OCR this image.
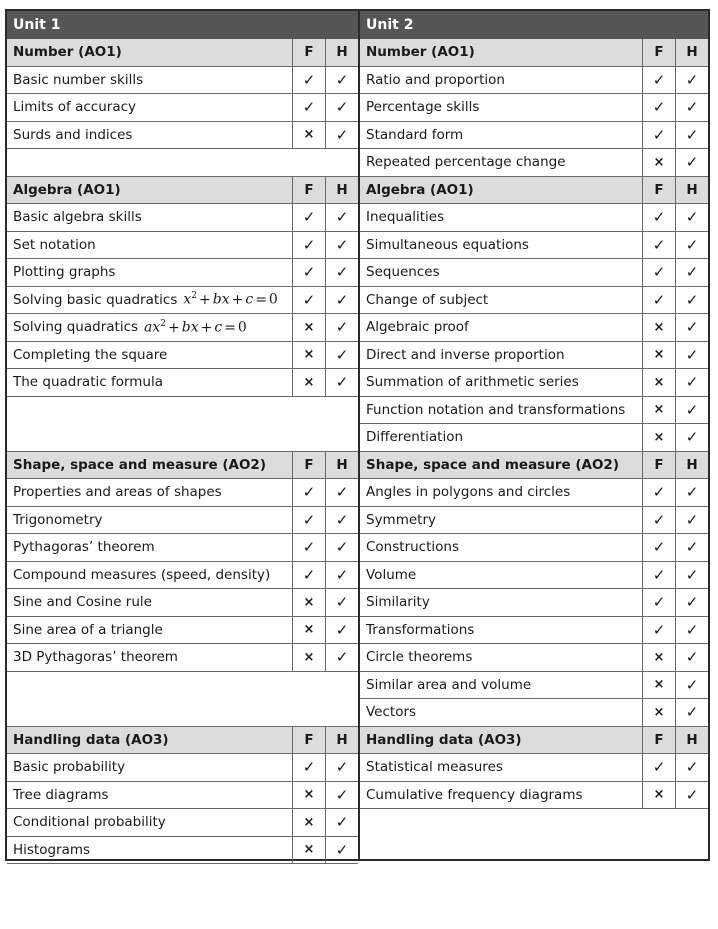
Unit 1
Number (AO1)	F	H
Basic number skills	✓	✓
Limits of accuracy	✓	✓
Surds and indices	×	✓
Algebra (AO1)	F	H
Basic algebra skills	✓	✓
Set notation	✓	✓
Plotting graphs	✓	✓
Solving basic quadratics $x^2$ + bx + c = 0	✓	✓
Solving quadratics $ax^2$ + bx + c = 0	×	✓
Completing the square	×	✓
The quadratic formula	×	✓
Shape, space and measure (AO2)	F	H
Properties and areas of shapes	✓	✓
Trigonometry	✓	✓
Pythagoras’ theorem	✓	✓
Compound measures (speed, density)	✓	✓
Sine and Cosine rule	×	✓
Sine area of a triangle	×	✓
3D Pythagoras’ theorem	×	✓
Handling data (AO3)	F	H
Basic probability	✓	✓
Tree diagrams	×	✓
Conditional probability	×	✓
Histograms	×	✓
Unit 2
Number (AO1)	F	H
Ratio and proportion	✓	✓
Percentage skills	✓	✓
Standard form	✓	✓
Repeated percentage change	×	✓
Algebra (AO1)	F	H
Inequalities	✓	✓
Simultaneous equations	✓	✓
Sequences	✓	✓
Change of subject	✓	✓
Algebraic proof	×	✓
Direct and inverse proportion	×	✓
Summation of arithmetic series	×	✓
Function notation and transformations	×	✓
Differentiation	×	✓
Shape, space and measure (AO2)	F	H
Angles in polygons and circles	✓	✓
Symmetry	✓	✓
Constructions	✓	✓
Volume	✓	✓
Similarity	✓	✓
Transformations	✓	✓
Circle theorems	×	✓
Similar area and volume	×	✓
Vectors	×	✓
Handling data (AO3)	F	H
Statistical measures	✓	✓
Cumulative frequency diagrams	×	✓
